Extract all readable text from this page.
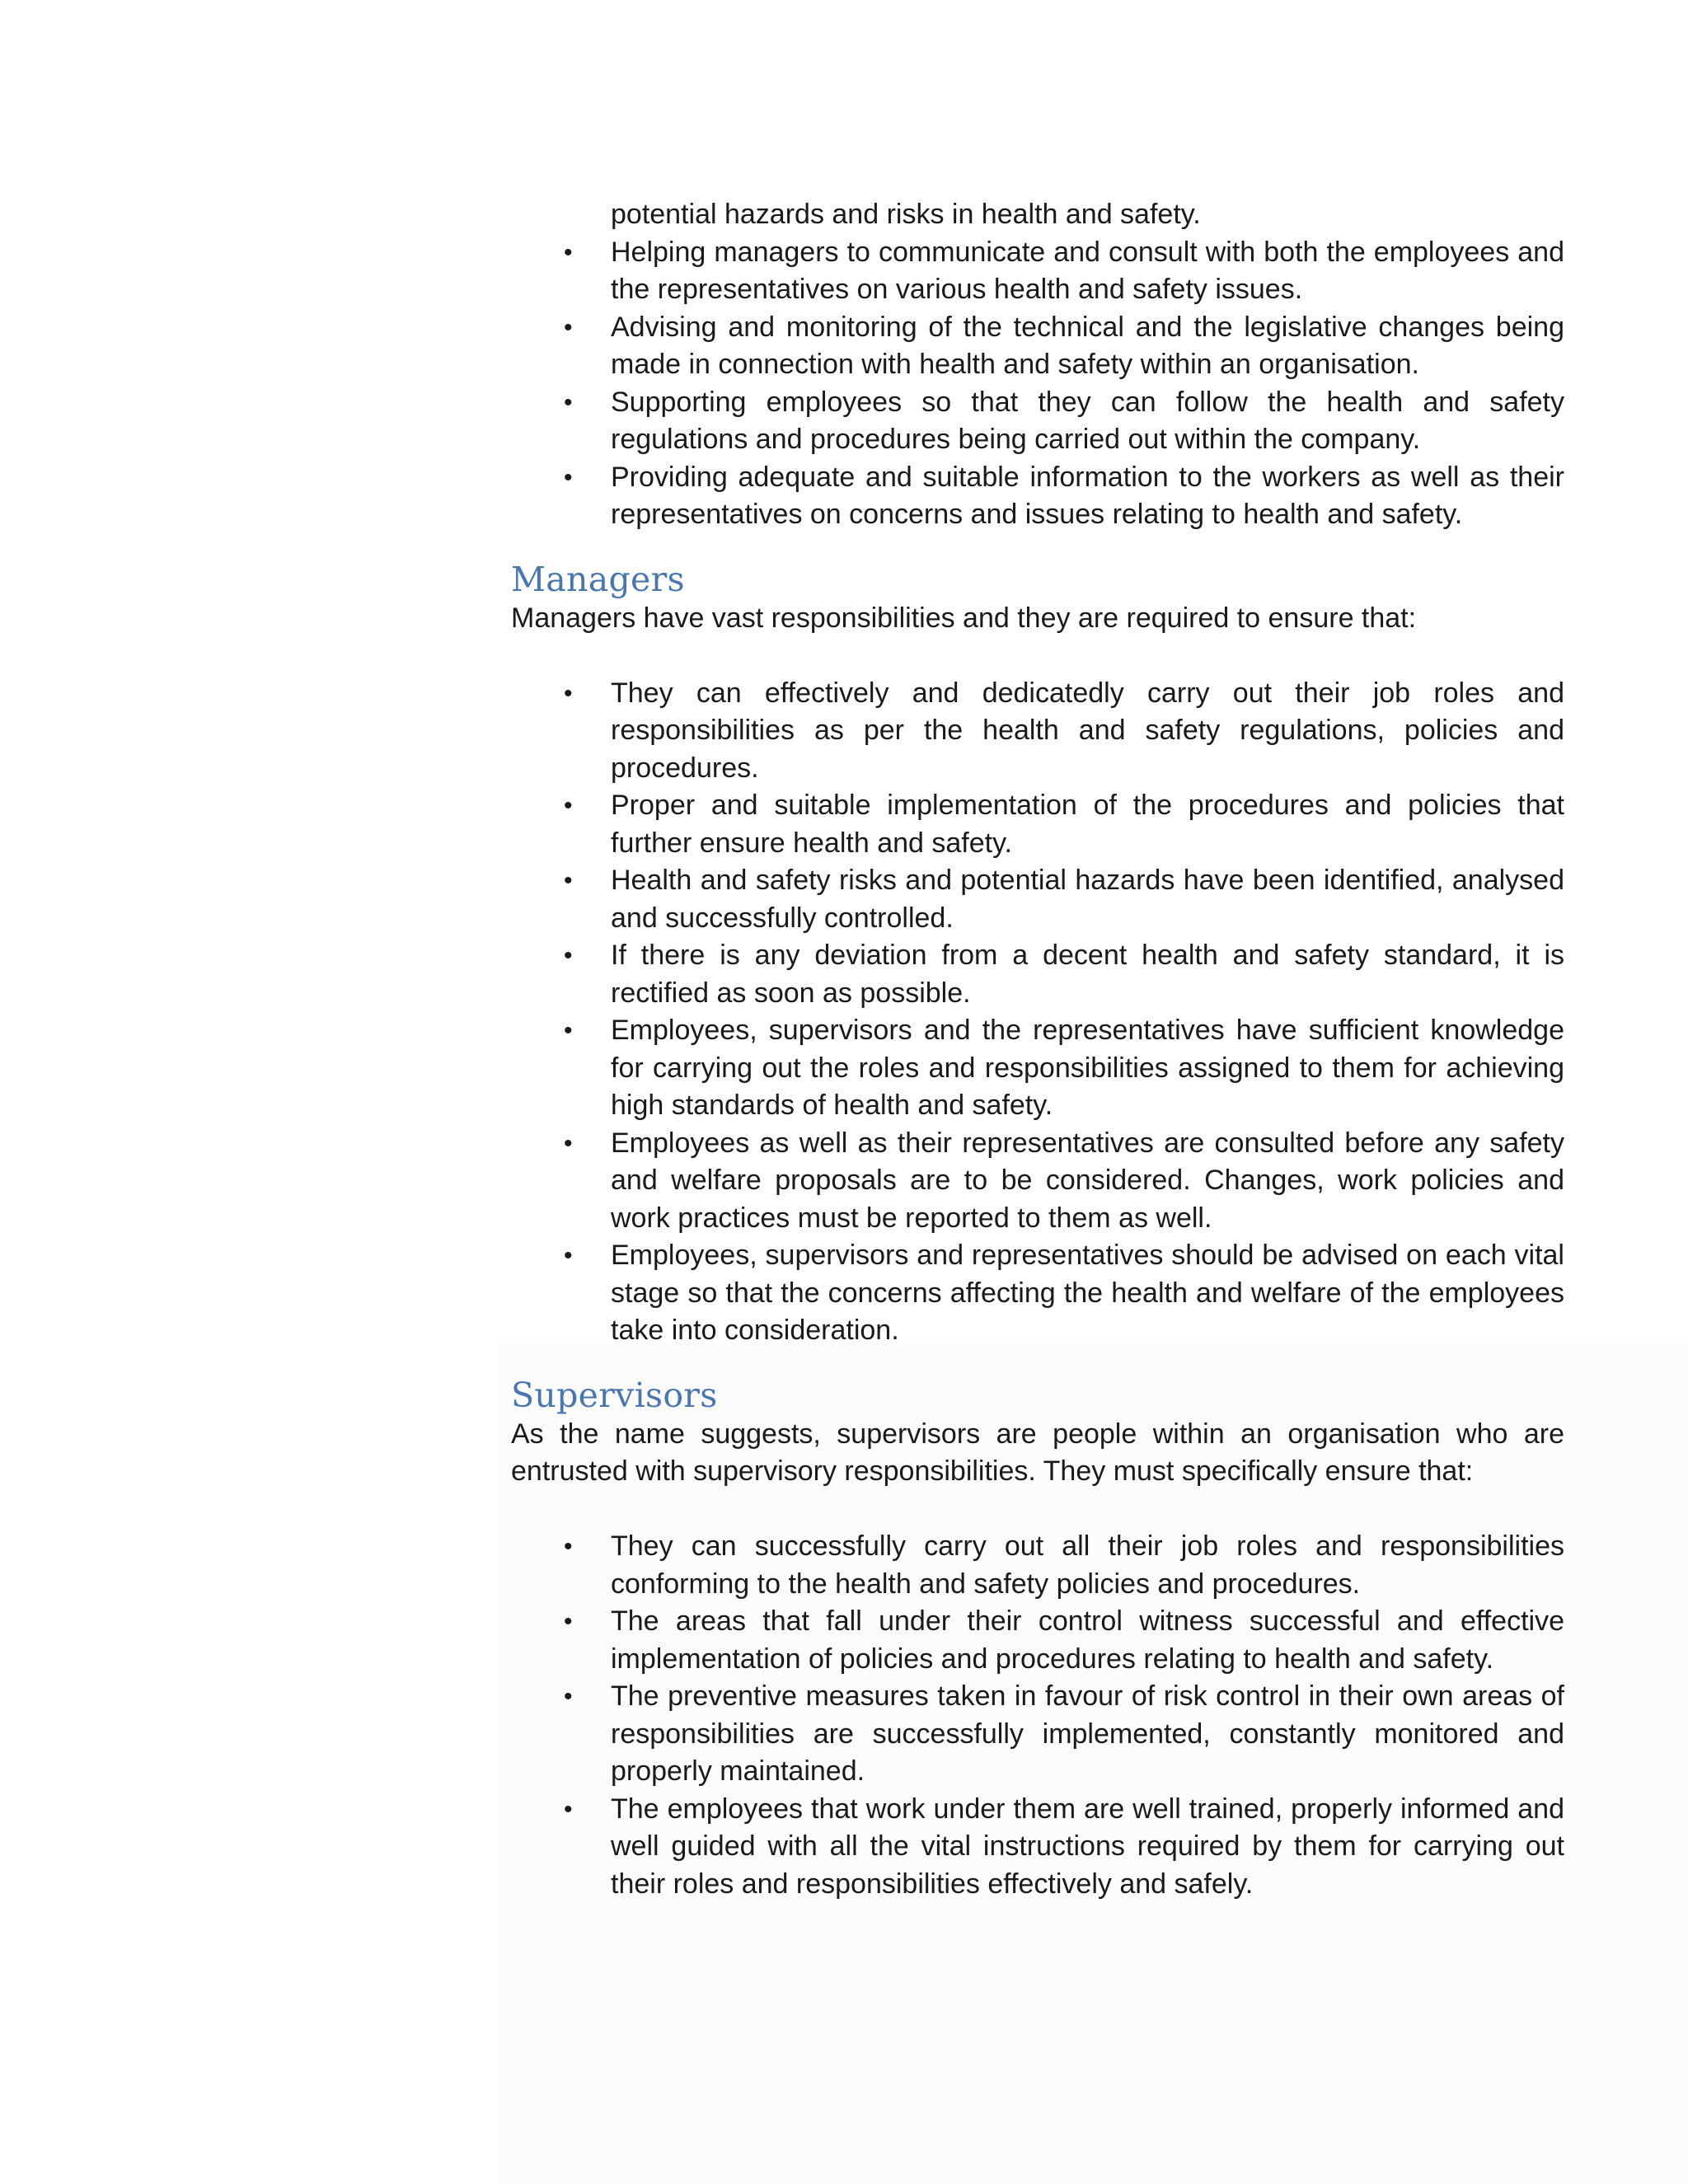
potential hazards and risks in health and safety.
• Helping managers to communicate and consult with both the employees and the representatives on various health and safety issues.
• Advising and monitoring of the technical and the legislative changes being made in connection with health and safety within an organisation.
• Supporting employees so that they can follow the health and safety regulations and procedures being carried out within the company.
• Providing adequate and suitable information to the workers as well as their representatives on concerns and issues relating to health and safety.
Managers

Managers have vast responsibilities and they are required to ensure that:

• They can effectively and dedicatedly carry out their job roles and responsibilities as per the health and safety regulations, policies and procedures.
• Proper and suitable implementation of the procedures and policies that further ensure health and safety.
• Health and safety risks and potential hazards have been identified, analysed and successfully controlled.
• If there is any deviation from a decent health and safety standard, it is rectified as soon as possible.
• Employees, supervisors and the representatives have sufficient knowledge for carrying out the roles and responsibilities assigned to them for achieving high standards of health and safety.
• Employees as well as their representatives are consulted before any safety and welfare proposals are to be considered. Changes, work policies and work practices must be reported to them as well.
• Employees, supervisors and representatives should be advised on each vital stage so that the concerns affecting the health and welfare of the employees take into consideration.
Supervisors

As the name suggests, supervisors are people within an organisation who are entrusted with supervisory responsibilities. They must specifically ensure that:

• They can successfully carry out all their job roles and responsibilities conforming to the health and safety policies and procedures.
• The areas that fall under their control witness successful and effective implementation of policies and procedures relating to health and safety.
• The preventive measures taken in favour of risk control in their own areas of responsibilities are successfully implemented, constantly monitored and properly maintained.
• The employees that work under them are well trained, properly informed and well guided with all the vital instructions required by them for carrying out their roles and responsibilities effectively and safely.
